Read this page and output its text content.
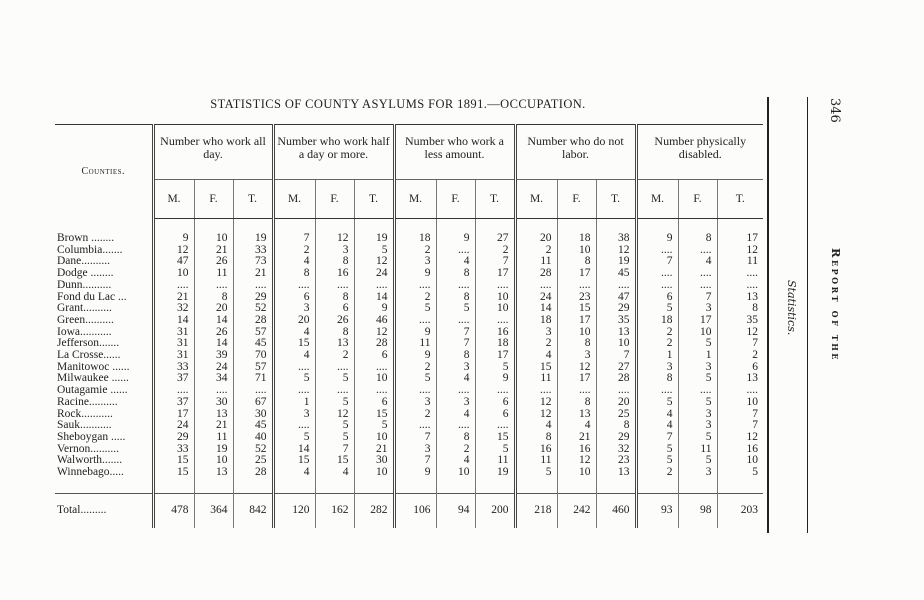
STATISTICS OF COUNTY ASYLUMS FOR 1891.—OCCUPATION.
Counties.	Number who work all day.			Number who work half a day or more.			Number who work a less amount.			Number who do not labor.			Number physically disabled.		
	M.	F.	T.	M.	F.	T.	M.	F.	T.	M.	F.	T.	M.	F.	T.

Brown ........	9	10	19	7	12	19	18	9	27	20	18	38	9	8	17
Columbia.......	12	21	33	2	3	5	2	....	2	2	10	12	....	....	12
Dane..........	47	26	73	4	8	12	3	4	7	11	8	19	7	4	11
Dodge ........	10	11	21	8	16	24	9	8	17	28	17	45	....	....	....
Dunn..........	....	....	....	....	....	....	....	....	....	....	....	....	....	....	....
Fond du Lac ...	21	8	29	6	8	14	2	8	10	24	23	47	6	7	13
Grant..........	32	20	52	3	6	9	5	5	10	14	15	29	5	3	8
Green..........	14	14	28	20	26	46	....	....	....	18	17	35	18	17	35
Iowa...........	31	26	57	4	8	12	9	7	16	3	10	13	2	10	12
Jefferson.......	31	14	45	15	13	28	11	7	18	2	8	10	2	5	7
La Crosse......	31	39	70	4	2	6	9	8	17	4	3	7	1	1	2
Manitowoc ......	33	24	57	....	....	....	2	3	5	15	12	27	3	3	6
Milwaukee ......	37	34	71	5	5	10	5	4	9	11	17	28	8	5	13
Outagamie ......	....	....	....	....	....	....	....	....	....	....	....	....	....	....	....
Racine..........	37	30	67	1	5	6	3	3	6	12	8	20	5	5	10
Rock...........	17	13	30	3	12	15	2	4	6	12	13	25	4	3	7
Sauk...........	24	21	45	....	5	5	....	....	....	4	4	8	4	3	7
Sheboygan .....	29	11	40	5	5	10	7	8	15	8	21	29	7	5	12
Vernon..........	33	19	52	14	7	21	3	2	5	16	16	32	5	11	16
Walworth.......	15	10	25	15	15	30	7	4	11	11	12	23	5	5	10
Winnebago.....	15	13	28	4	4	10	9	10	19	5	10	13	2	3	5

Total.........	478	364	842	120	162	282	106	94	200	218	242	460	93	98	203
346
Report of the
Statistics.
